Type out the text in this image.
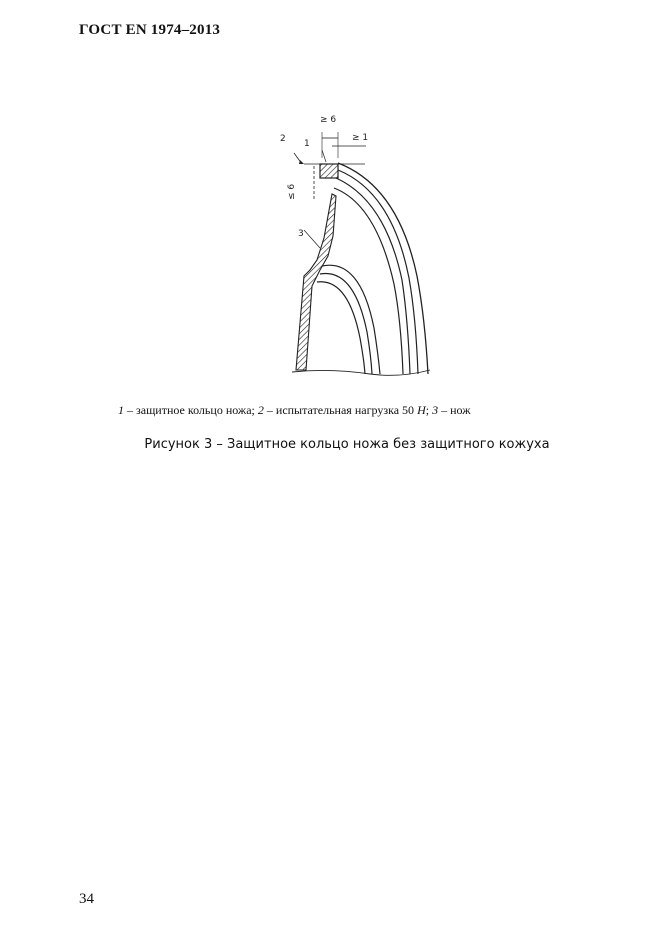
ГОСТ EN 1974–2013
≥ 6
≥ 1
1
2
3
≤ 6
1 – защитное кольцо ножа; 2 – испытательная нагрузка 50 Н; 3 – нож
Рисунок 3 – Защитное кольцо ножа без защитного кожуха
34
